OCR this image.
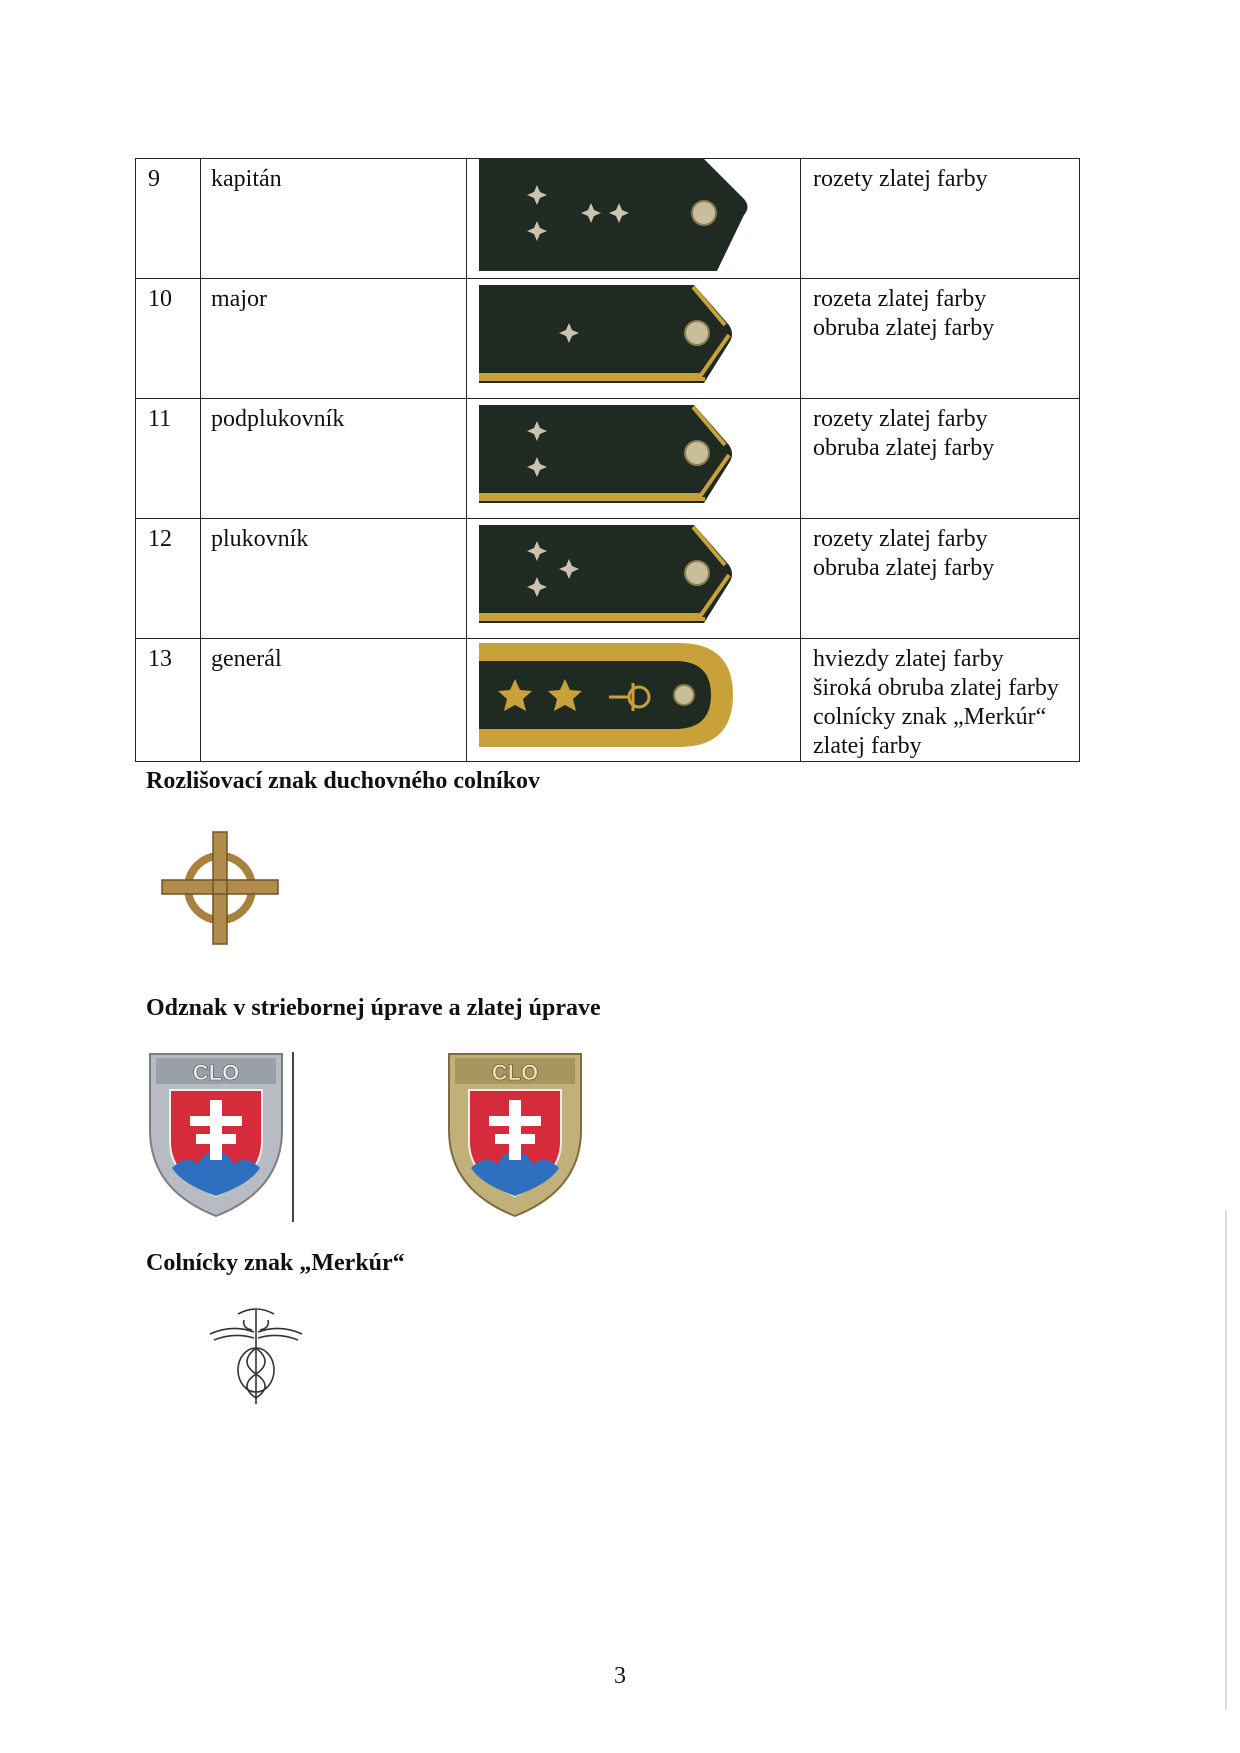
9	kapitán		rozety zlatej farby

10	major		rozeta zlatej farby
obruba zlatej farby

11	podplukovník		rozety zlatej farby
obruba zlatej farby

12	plukovník		rozety zlatej farby
obruba zlatej farby

13	generál		hviezdy zlatej farby
široká obruba zlatej farby
colnícky znak „Merkúr“
zlatej farby
Rozlišovací znak duchovného colníkov
Odznak v striebornej úprave a zlatej úprave
CLO	CLO
Colnícky znak „Merkúr“
3
